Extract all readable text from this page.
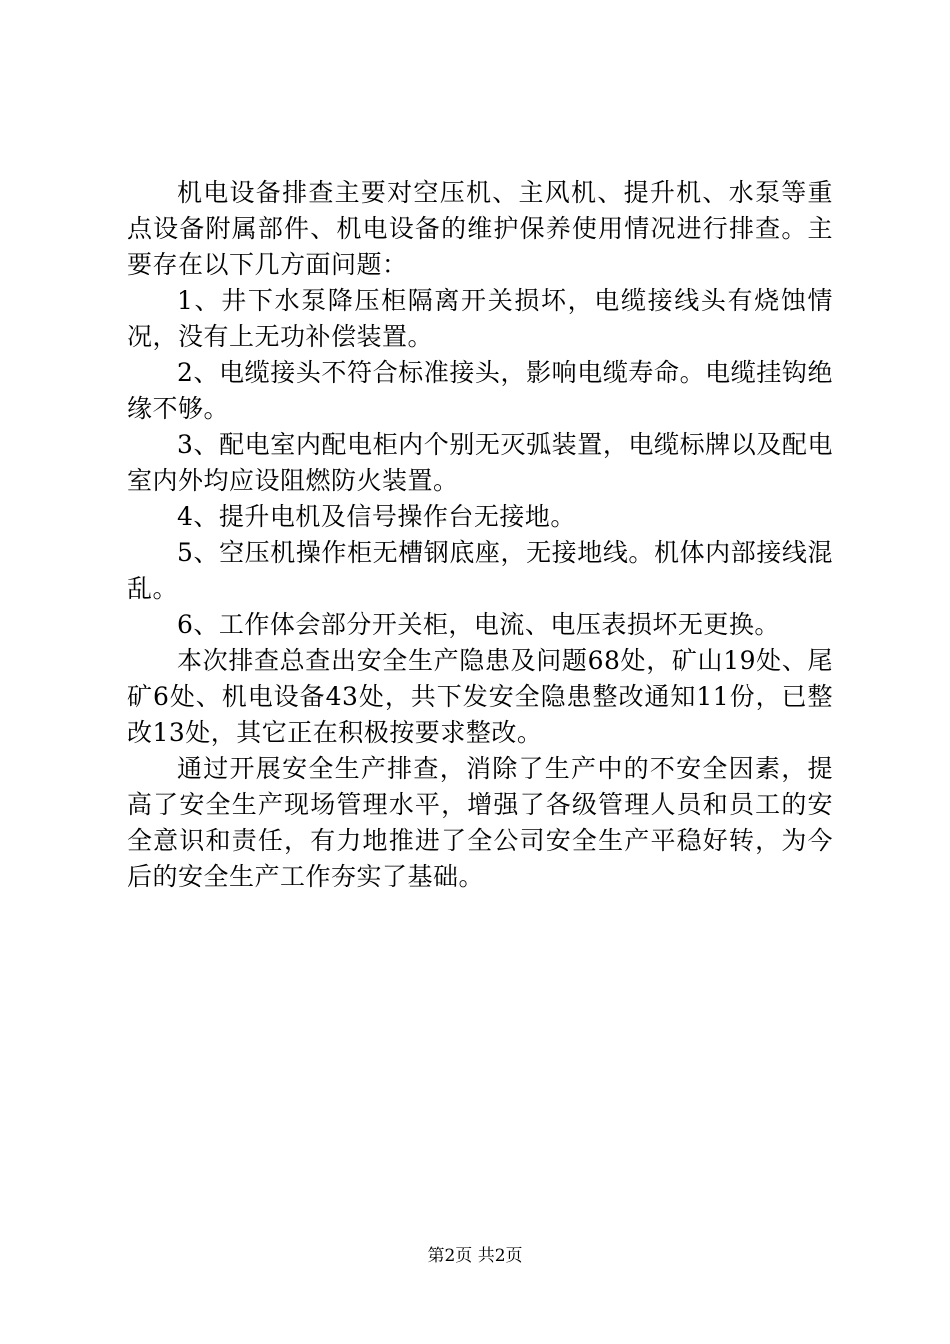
机电设备排查主要对空压机、主风机、提升机、水泵等重点设备附属部件、机电设备的维护保养使用情况进行排查。主要存在以下几方面问题：

1、井下水泵降压柜隔离开关损坏，电缆接线头有烧蚀情况，没有上无功补偿装置。

2、电缆接头不符合标准接头，影响电缆寿命。电缆挂钩绝缘不够。

3、配电室内配电柜内个别无灭弧装置，电缆标牌以及配电室内外均应设阻燃防火装置。

4、提升电机及信号操作台无接地。

5、空压机操作柜无槽钢底座，无接地线。机体内部接线混乱。

6、工作体会部分开关柜，电流、电压表损坏无更换。

本次排查总查出安全生产隐患及问题68处，矿山19处、尾矿6处、机电设备43处，共下发安全隐患整改通知11份，已整改13处，其它正在积极按要求整改。

通过开展安全生产排查，消除了生产中的不安全因素，提高了安全生产现场管理水平，增强了各级管理人员和员工的安全意识和责任，有力地推进了全公司安全生产平稳好转，为今后的安全生产工作夯实了基础。

第2页 共2页
